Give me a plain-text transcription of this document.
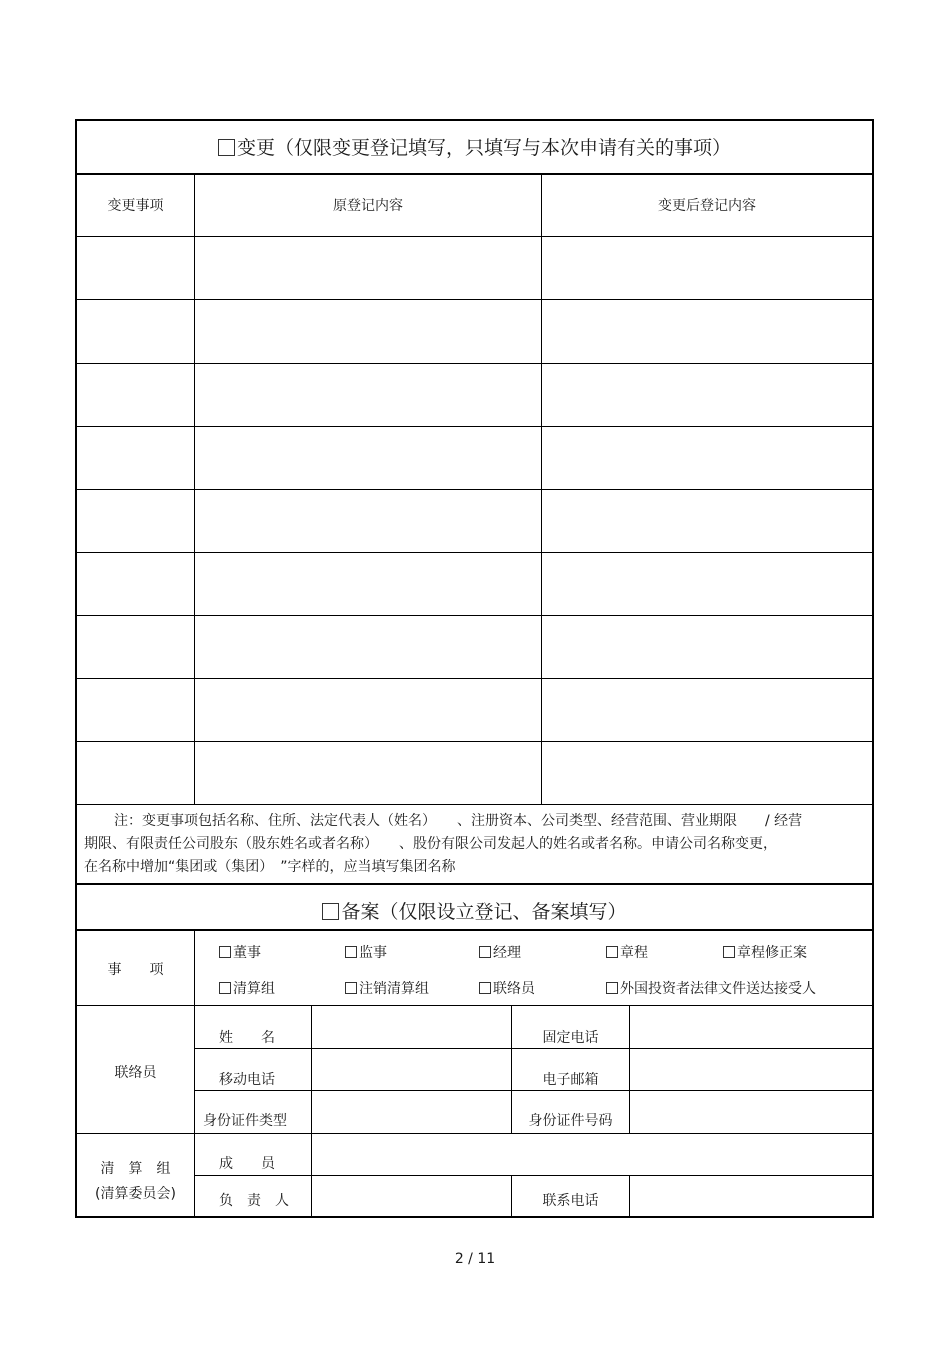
变更（仅限变更登记填写，只填写与本次申请有关的事项）
变更事项	原登记内容	变更后登记内容
注：变更事项包括名称、住所、法定代表人（姓名）　　、注册资本、公司类型、经营范围、营业期限　　/ 经营
期限、有限责任公司股东（股东姓名或者名称）　　、股份有限公司发起人的姓名或者名称。申请公司名称变更，
在名称中增加“集团或（集团）　”字样的，应当填写集团名称
备案（仅限设立登记、备案填写）
事　　项
董事	监事	经理	章程	章程修正案
清算组	注销清算组	联络员	外国投资者法律文件送达接受人
联络员
姓　　名	固定电话
移动电话	电子邮箱
身份证件类型	身份证件号码
清　算　组
(清算委员会)
成　　员
负　责　人	联系电话
2 / 11
